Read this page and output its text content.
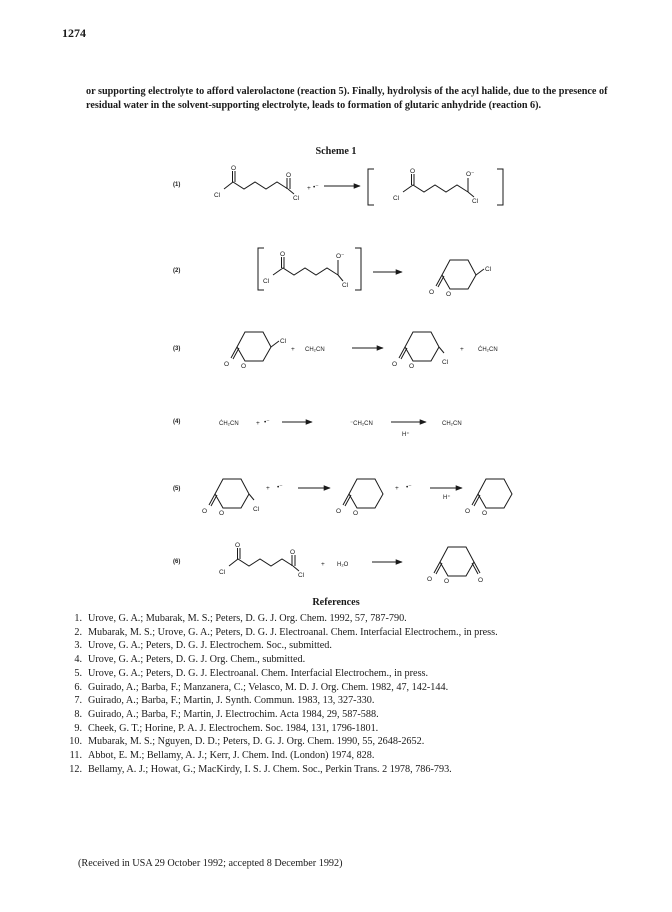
1274

or supporting electrolyte to afford valerolactone (reaction 5). Finally, hydrolysis of the acyl halide, due to the presence of residual water in the solvent-supporting electrolyte, leads to formation of glutaric anhydride (reaction 6).

Scheme 1
(1)
(2)
(3)
(4)
(5)
(6)
Cl
O
O
Cl
+ •⁻
Cl
O	O⁻
Cl
Cl
O	O⁻
Cl
O O
Cl
O O
Cl
+ CH₂CN
O O
Cl
+ ĊH₂CN
ĊH₂CN	+ •⁻	⁻CH₂CN
H⁺
CH₂CN
O O
Cl
+ •⁻
O O
+ •⁻
H⁺
O O
Cl
O
O
Cl
+ H₂O
O O	O
References
1. Urove, G. A.; Mubarak, M. S.; Peters, D. G. J. Org. Chem. 1992, 57, 787-790.
2. Mubarak, M. S.; Urove, G. A.; Peters, D. G. J. Electroanal. Chem. Interfacial Electrochem., in press.
3. Urove, G. A.; Peters, D. G. J. Electrochem. Soc., submitted.
4. Urove, G. A.; Peters, D. G. J. Org. Chem., submitted.
5. Urove, G. A.; Peters, D. G. J. Electroanal. Chem. Interfacial Electrochem., in press.
6. Guirado, A.; Barba, F.; Manzanera, C.; Velasco, M. D. J. Org. Chem. 1982, 47, 142-144.
7. Guirado, A.; Barba, F.; Martin, J. Synth. Commun. 1983, 13, 327-330.
8. Guirado, A.; Barba, F.; Martin, J. Electrochim. Acta 1984, 29, 587-588.
9. Cheek, G. T.; Horine, P. A. J. Electrochem. Soc. 1984, 131, 1796-1801.
10. Mubarak, M. S.; Nguyen, D. D.; Peters, D. G. J. Org. Chem. 1990, 55, 2648-2652.
11. Abbot, E. M.; Bellamy, A. J.; Kerr, J. Chem. Ind. (London) 1974, 828.
12. Bellamy, A. J.; Howat, G.; MacKirdy, I. S. J. Chem. Soc., Perkin Trans. 2 1978, 786-793.
(Received in USA 29 October 1992; accepted 8 December 1992)
